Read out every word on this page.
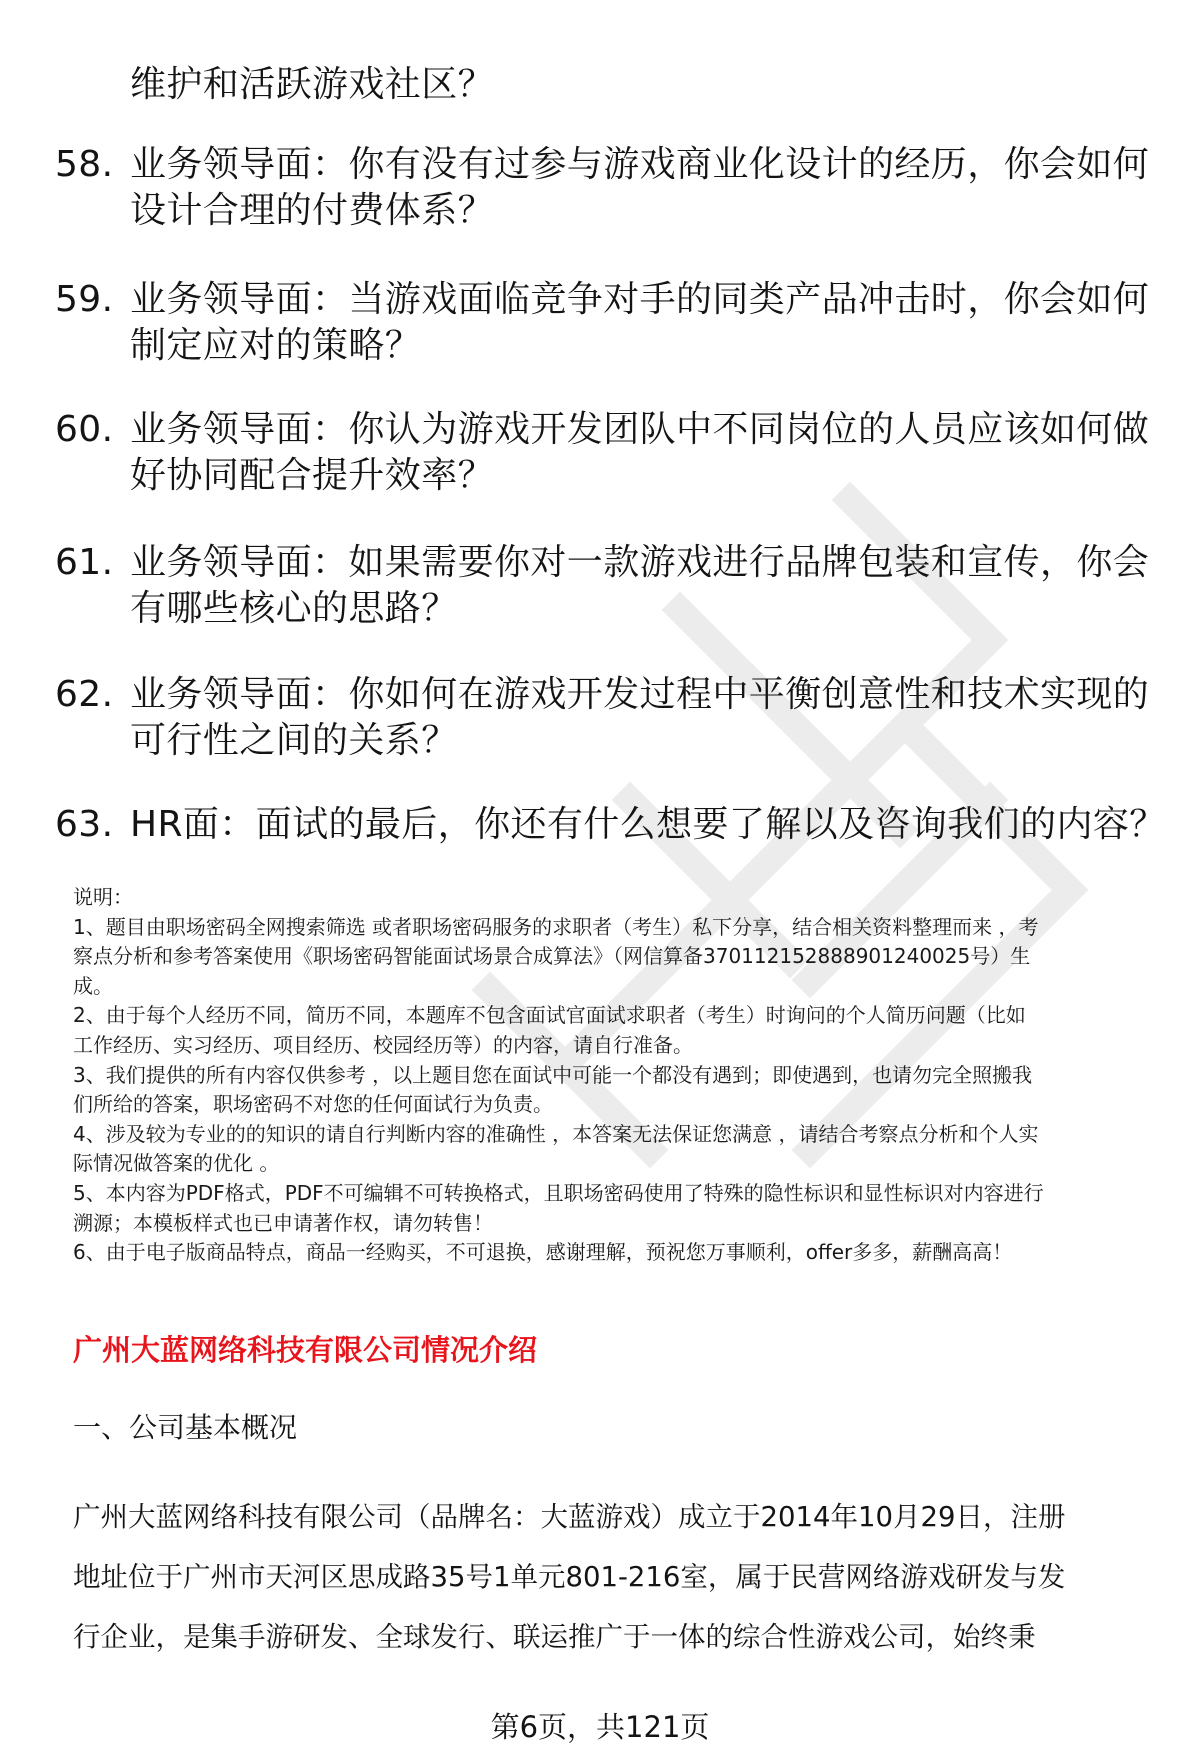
维护和活跃游戏社区？
58. 业务领导面：你有没有过参与游戏商业化设计的经历，你会如何
设计合理的付费体系？
59. 业务领导面：当游戏面临竞争对手的同类产品冲击时，你会如何
制定应对的策略？
60. 业务领导面：你认为游戏开发团队中不同岗位的人员应该如何做
好协同配合提升效率？
61. 业务领导面：如果需要你对一款游戏进行品牌包装和宣传，你会
有哪些核心的思路？
62. 业务领导面：你如何在游戏开发过程中平衡创意性和技术实现的
可行性之间的关系？
63. HR面：面试的最后，你还有什么想要了解以及咨询我们的内容？
说明：
1、题目由职场密码全网搜索筛选 或者职场密码服务的求职者（考生）私下分享，结合相关资料整理而来 ，考
察点分析和参考答案使用《职场密码智能面试场景合成算法》（网信算备370112152888901240025号）生
成。
2、由于每个人经历不同，简历不同，本题库不包含面试官面试求职者（考生）时询问的个人简历问题（比如
工作经历、实习经历、项目经历、校园经历等）的内容，请自行准备。
3、我们提供的所有内容仅供参考 ，以上题目您在面试中可能一个都没有遇到；即使遇到，也请勿完全照搬我
们所给的答案，职场密码不对您的任何面试行为负责。
4、涉及较为专业的的知识的请自行判断内容的准确性 ，本答案无法保证您满意 ，请结合考察点分析和个人实
际情况做答案的优化 。
5、本内容为PDF格式，PDF不可编辑不可转换格式，且职场密码使用了特殊的隐性标识和显性标识对内容进行
溯源；本模板样式也已申请著作权，请勿转售！
6、由于电子版商品特点，商品一经购买，不可退换，感谢理解，预祝您万事顺利，offer多多，薪酬高高！
广州大蓝网络科技有限公司情况介绍
一、公司基本概况
广州大蓝网络科技有限公司（品牌名：大蓝游戏）成立于2014年10月29日，注册
地址位于广州市天河区思成路35号1单元801-216室，属于民营网络游戏研发与发
行企业，是集手游研发、全球发行、联运推广于一体的综合性游戏公司，始终秉
第6页，共121页
